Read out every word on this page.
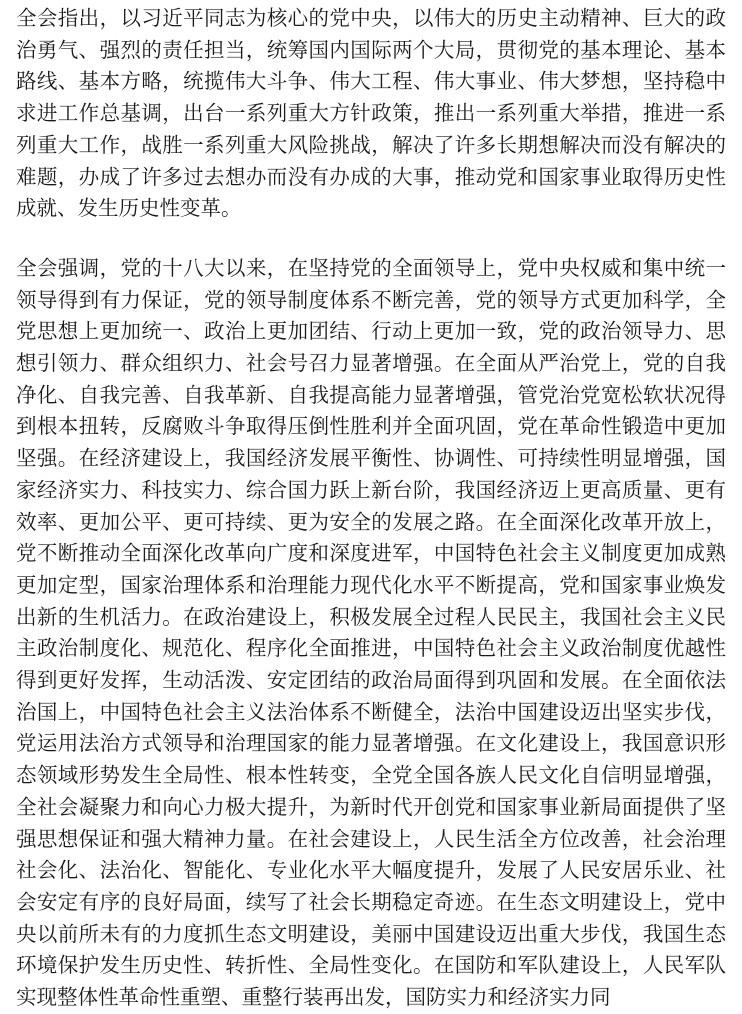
全会指出，以习近平同志为核心的党中央，以伟大的历史主动精神、巨大的政治勇气、强烈的责任担当，统筹国内国际两个大局，贯彻党的基本理论、基本路线、基本方略，统揽伟大斗争、伟大工程、伟大事业、伟大梦想，坚持稳中求进工作总基调，出台一系列重大方针政策，推出一系列重大举措，推进一系列重大工作，战胜一系列重大风险挑战，解决了许多长期想解决而没有解决的难题，办成了许多过去想办而没有办成的大事，推动党和国家事业取得历史性成就、发生历史性变革。

全会强调，党的十八大以来，在坚持党的全面领导上，党中央权威和集中统一领导得到有力保证，党的领导制度体系不断完善，党的领导方式更加科学，全党思想上更加统一、政治上更加团结、行动上更加一致，党的政治领导力、思想引领力、群众组织力、社会号召力显著增强。在全面从严治党上，党的自我净化、自我完善、自我革新、自我提高能力显著增强，管党治党宽松软状况得到根本扭转，反腐败斗争取得压倒性胜利并全面巩固，党在革命性锻造中更加坚强。在经济建设上，我国经济发展平衡性、协调性、可持续性明显增强，国家经济实力、科技实力、综合国力跃上新台阶，我国经济迈上更高质量、更有效率、更加公平、更可持续、更为安全的发展之路。在全面深化改革开放上，党不断推动全面深化改革向广度和深度进军，中国特色社会主义制度更加成熟更加定型，国家治理体系和治理能力现代化水平不断提高，党和国家事业焕发出新的生机活力。在政治建设上，积极发展全过程人民民主，我国社会主义民主政治制度化、规范化、程序化全面推进，中国特色社会主义政治制度优越性得到更好发挥，生动活泼、安定团结的政治局面得到巩固和发展。在全面依法治国上，中国特色社会主义法治体系不断健全，法治中国建设迈出坚实步伐，党运用法治方式领导和治理国家的能力显著增强。在文化建设上，我国意识形态领域形势发生全局性、根本性转变，全党全国各族人民文化自信明显增强，全社会凝聚力和向心力极大提升，为新时代开创党和国家事业新局面提供了坚强思想保证和强大精神力量。在社会建设上，人民生活全方位改善，社会治理社会化、法治化、智能化、专业化水平大幅度提升，发展了人民安居乐业、社会安定有序的良好局面，续写了社会长期稳定奇迹。在生态文明建设上，党中央以前所未有的力度抓生态文明建设，美丽中国建设迈出重大步伐，我国生态环境保护发生历史性、转折性、全局性变化。在国防和军队建设上，人民军队实现整体性革命性重塑、重整行装再出发，国防实力和经济实力同
